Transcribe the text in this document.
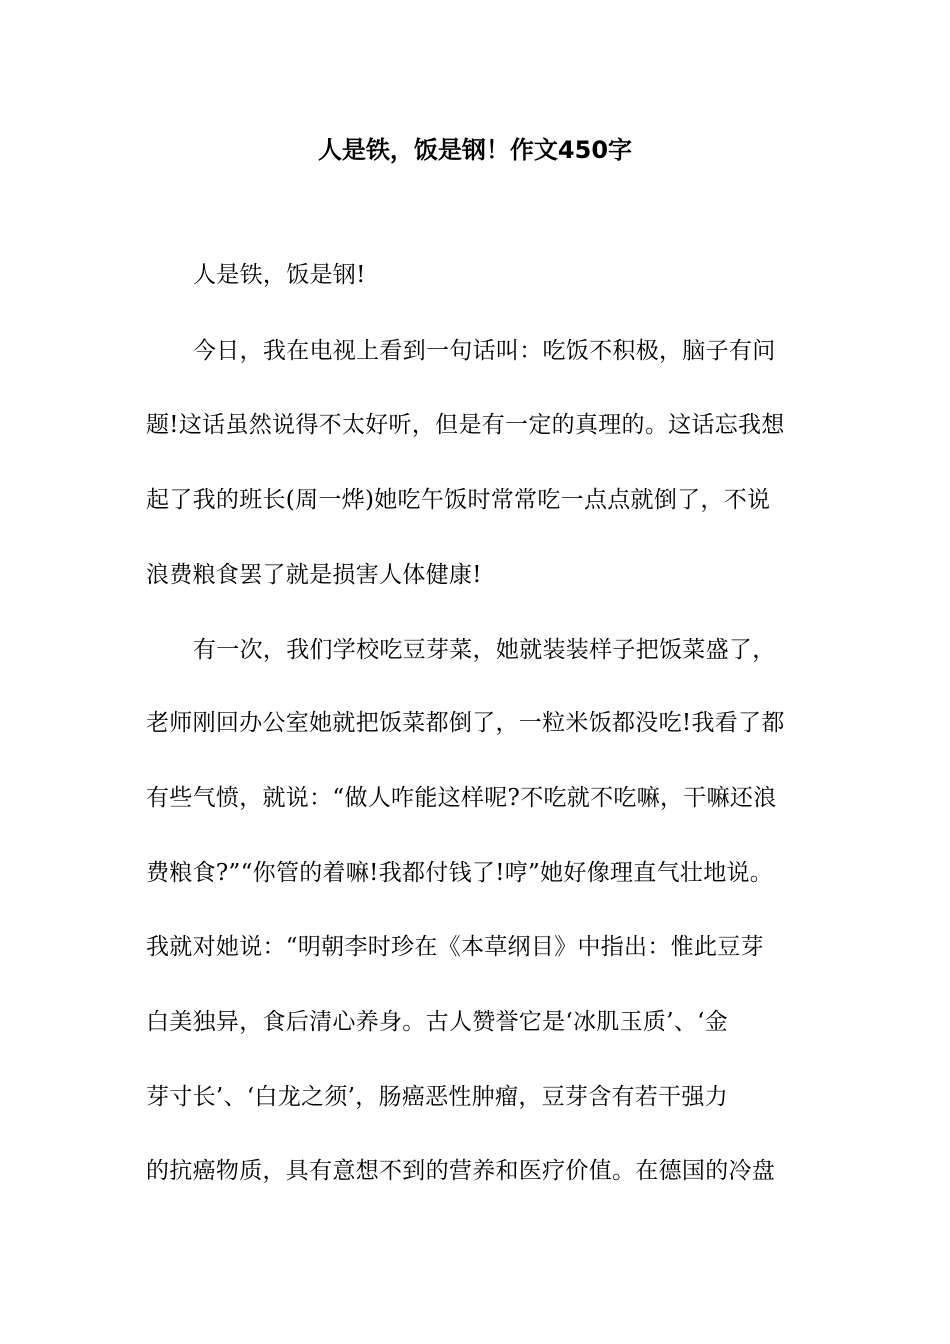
人是铁，饭是钢！作文450字
人是铁，饭是钢!
今日，我在电视上看到一句话叫：吃饭不积极，脑子有问
题!这话虽然说得不太好听，但是有一定的真理的。这话忘我想
起了我的班长(周一烨)她吃午饭时常常吃一点点就倒了，不说
浪费粮食罢了就是损害人体健康!
有一次，我们学校吃豆芽菜，她就装装样子把饭菜盛了，
老师刚回办公室她就把饭菜都倒了，一粒米饭都没吃!我看了都
有些气愤，就说：“做人咋能这样呢?不吃就不吃嘛，干嘛还浪
费粮食?”“你管的着嘛!我都付钱了!哼”她好像理直气壮地说。
我就对她说：“明朝李时珍在《本草纲目》中指出：惟此豆芽
白美独异，食后清心养身。古人赞誉它是‘冰肌玉质’、‘金
芽寸长’、‘白龙之须’，肠癌恶性肿瘤，豆芽含有若干强力
的抗癌物质，具有意想不到的营养和医疗价值。在德国的冷盘
